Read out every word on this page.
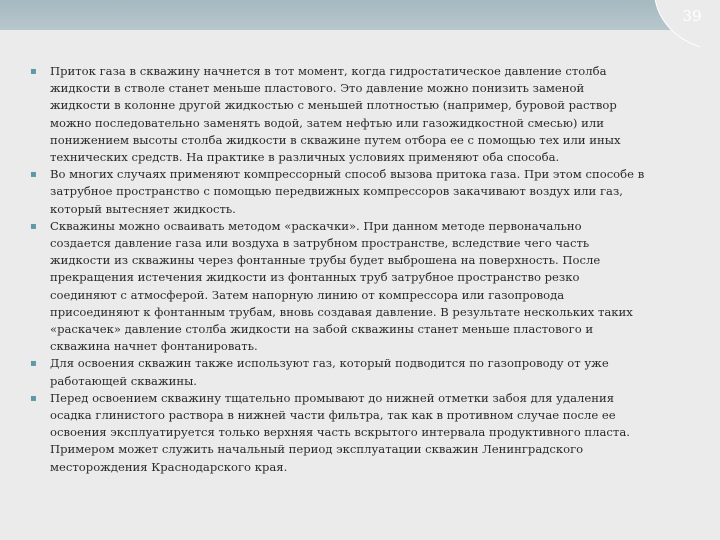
39
▪ Приток газа в скважину начнется в тот момент, когда гидростатическое давление столба
жидкости в стволе станет меньше пластового. Это давление можно понизить заменой
жидкости в колонне другой жидкостью с меньшей плотностью (например, буровой раствор
можно последовательно заменять водой, затем нефтью или газожидкостной смесью) или
понижением высоты столба жидкости в скважине путем отбора ее с помощью тех или иных
технических средств. На практике в различных условиях применяют оба способа.
▪ Во многих случаях применяют компрессорный способ вызова притока газа. При этом способе в
затрубное пространство с помощью передвижных компрессоров закачивают воздух или газ,
который вытесняет жидкость.
▪ Скважины можно осваивать методом «раскачки». При данном методе первоначально
создается давление газа или воздуха в затрубном пространстве, вследствие чего часть
жидкости из скважины через фонтанные трубы будет выброшена на поверхность. После
прекращения истечения жидкости из фонтанных труб затрубное пространство резко
соединяют с атмосферой. Затем напорную линию от компрессора или газопровода
присоединяют к фонтанным трубам, вновь создавая давление. В результате нескольких таких
«раскачек» давление столба жидкости на забой скважины станет меньше пластового и
скважина начнет фонтанировать.
▪ Для освоения скважин также используют газ, который подводится по газопроводу от уже
работающей скважины.
▪ Перед освоением скважину тщательно промывают до нижней отметки забоя для удаления
осадка глинистого раствора в нижней части фильтра, так как в противном случае после ее
освоения эксплуатируется только верхняя часть вскрытого интервала продуктивного пласта.
Примером может служить начальный период эксплуатации скважин Ленинградского
месторождения Краснодарского края.
